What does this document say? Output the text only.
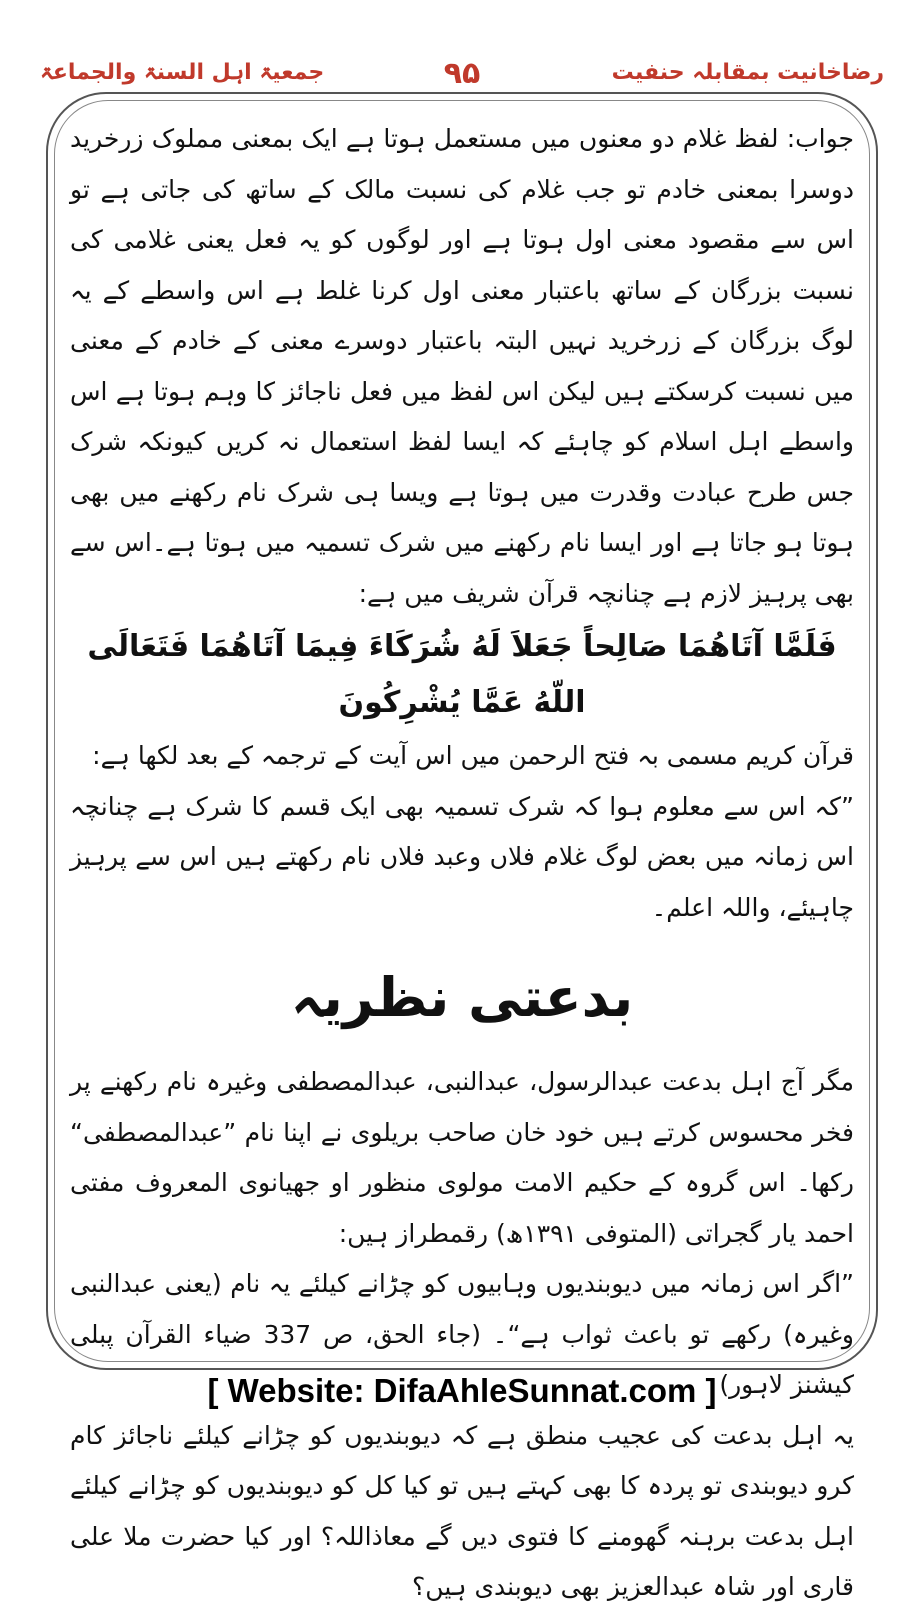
رضاخانیت بمقابلہ حنفیت
۹۵
جمعیۃ اہل السنۃ والجماعۃ

جواب: لفظ غلام دو معنوں میں مستعمل ہوتا ہے ایک بمعنی مملوک زرخرید دوسرا بمعنی خادم تو جب غلام کی نسبت مالک کے ساتھ کی جاتی ہے تو اس سے مقصود معنی اول ہوتا ہے اور لوگوں کو یہ فعل یعنی غلامی کی نسبت بزرگان کے ساتھ باعتبار معنی اول کرنا غلط ہے اس واسطے کے یہ لوگ بزرگان کے زرخرید نہیں البتہ باعتبار دوسرے معنی کے خادم کے معنی میں نسبت کرسکتے ہیں لیکن اس لفظ میں فعل ناجائز کا وہم ہوتا ہے اس واسطے اہل اسلام کو چاہئے کہ ایسا لفظ استعمال نہ کریں کیونکہ شرک جس طرح عبادت وقدرت میں ہوتا ہے ویسا ہی شرک نام رکھنے میں بھی ہوتا ہو جاتا ہے اور ایسا نام رکھنے میں شرک تسمیہ میں ہوتا ہے۔اس سے بھی پرہیز لازم ہے چنانچہ قرآن شریف میں ہے:

فَلَمَّا آتَاهُمَا صَالِحاً جَعَلاَ لَهُ شُرَكَاءَ فِيمَا آتَاهُمَا فَتَعَالَى اللّهُ عَمَّا يُشْرِكُونَ

قرآن کریم مسمی بہ فتح الرحمن میں اس آیت کے ترجمہ کے بعد لکھا ہے:

”کہ اس سے معلوم ہوا کہ شرک تسمیہ بھی ایک قسم کا شرک ہے چنانچہ اس زمانہ میں بعض لوگ غلام فلاں وعبد فلاں نام رکھتے ہیں اس سے پرہیز چاہیئے، واللہ اعلم۔

بدعتی نظریہ

مگر آج اہل بدعت عبدالرسول، عبدالنبی، عبدالمصطفی وغیرہ نام رکھنے پر فخر محسوس کرتے ہیں خود خان صاحب بریلوی نے اپنا نام ”عبدالمصطفی“ رکھا۔ اس گروہ کے حکیم الامت مولوی منظور او جھیانوی المعروف مفتی احمد یار گجراتی (المتوفی ۱۳۹۱ھ) رقمطراز ہیں:

”اگر اس زمانہ میں دیوبندیوں وہابیوں کو چڑانے کیلئے یہ نام (یعنی عبدالنبی وغیرہ) رکھے تو باعث ثواب ہے“۔ (جاء الحق، ص 337 ضیاء القرآن پبلی کیشنز لاہور)

یہ اہل بدعت کی عجیب منطق ہے کہ دیوبندیوں کو چڑانے کیلئے ناجائز کام کرو دیوبندی تو پردہ کا بھی کہتے ہیں تو کیا کل کو دیوبندیوں کو چڑانے کیلئے اہل بدعت برہنہ گھومنے کا فتوی دیں گے معاذاللہ؟ اور کیا حضرت ملا علی قاری اور شاہ عبدالعزیز بھی دیوبندی ہیں؟

[ Website: DifaAhleSunnat.com ]
